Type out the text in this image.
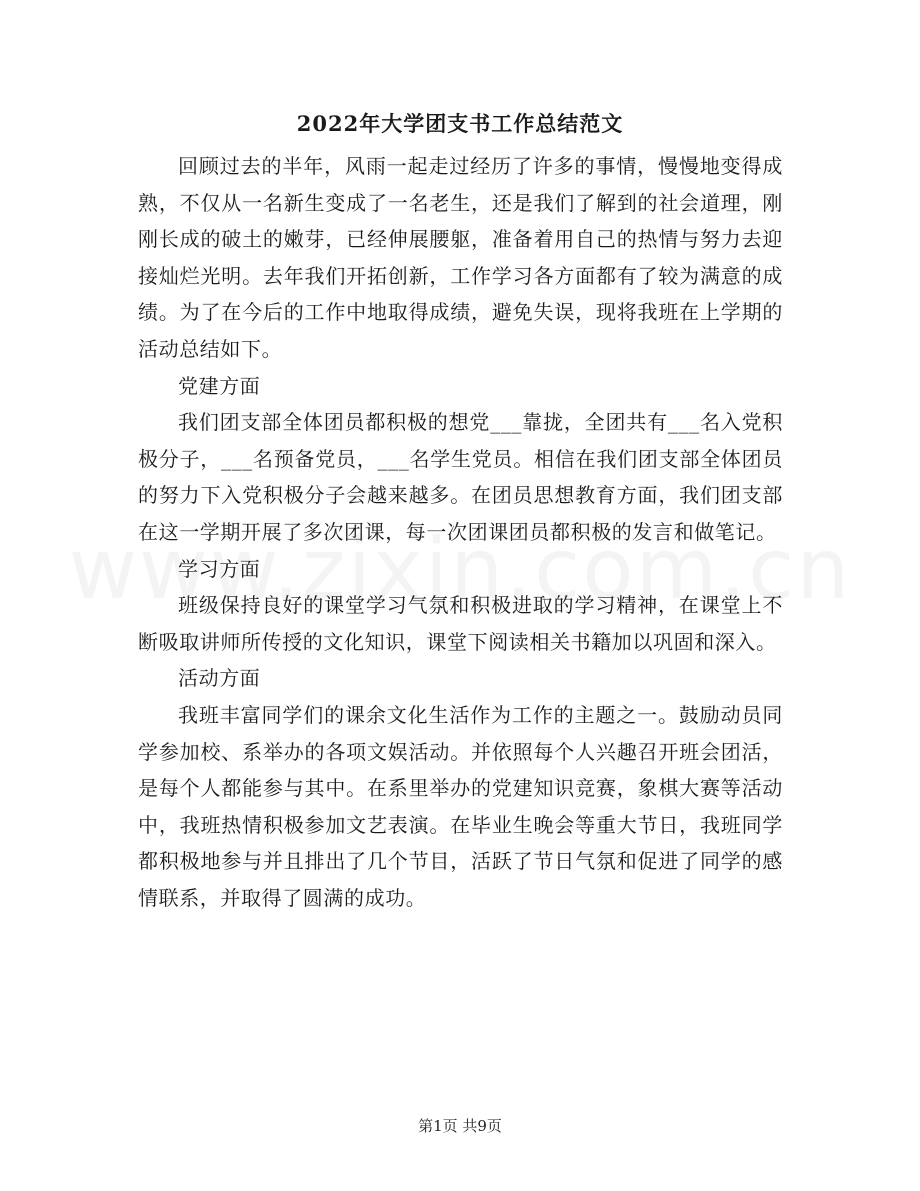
2022年大学团支书工作总结范文

回顾过去的半年，风雨一起走过经历了许多的事情，慢慢地变得成熟，不仅从一名新生变成了一名老生，还是我们了解到的社会道理，刚刚长成的破土的嫩芽，已经伸展腰躯，准备着用自己的热情与努力去迎接灿烂光明。去年我们开拓创新，工作学习各方面都有了较为满意的成绩。为了在今后的工作中地取得成绩，避免失误，现将我班在上学期的活动总结如下。

党建方面

我们团支部全体团员都积极的想党___靠拢，全团共有___名入党积极分子，___名预备党员，___名学生党员。相信在我们团支部全体团员的努力下入党积极分子会越来越多。在团员思想教育方面，我们团支部在这一学期开展了多次团课，每一次团课团员都积极的发言和做笔记。

学习方面

班级保持良好的课堂学习气氛和积极进取的学习精神，在课堂上不断吸取讲师所传授的文化知识，课堂下阅读相关书籍加以巩固和深入。

活动方面

我班丰富同学们的课余文化生活作为工作的主题之一。鼓励动员同学参加校、系举办的各项文娱活动。并依照每个人兴趣召开班会团活，是每个人都能参与其中。在系里举办的党建知识竞赛，象棋大赛等活动中，我班热情积极参加文艺表演。在毕业生晚会等重大节日，我班同学都积极地参与并且排出了几个节目，活跃了节日气氛和促进了同学的感情联系，并取得了圆满的成功。

第1页 共9页
